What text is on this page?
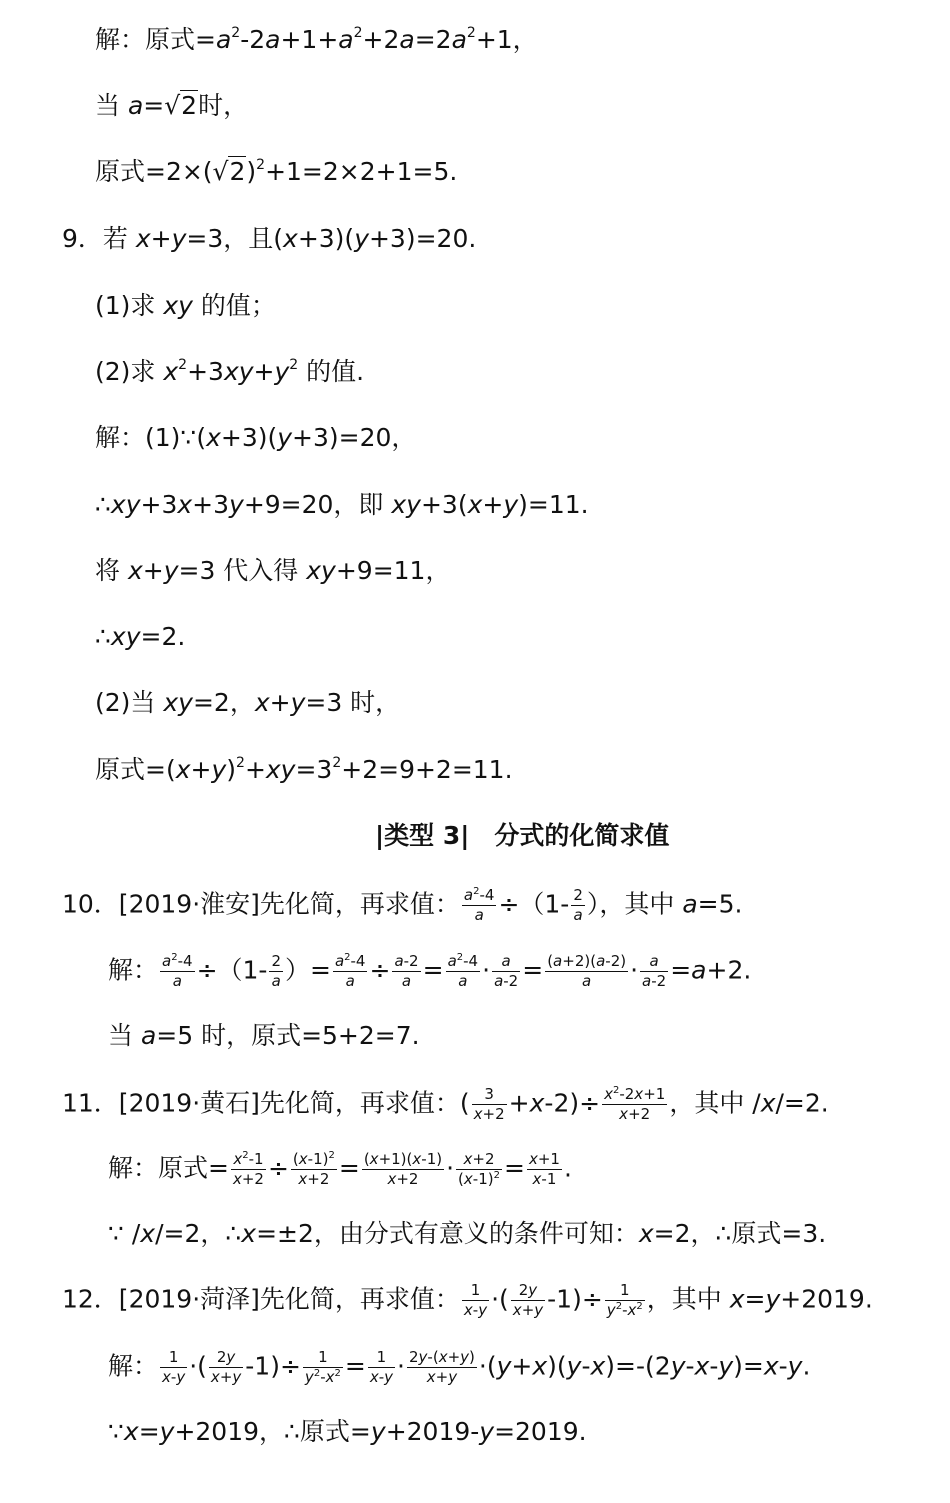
解：原式$=a^2-2a+1+a^2+2a=2a^2+1$，
当 a=√2时，
原式$=2\times(√2)^2+1=2\times 2+1=5$.
9．若 x+y=3，且(x+3)(y+3)=20.
(1)求 xy 的值；
(2)求 $x^2+3xy+y^2$ 的值.
解：(1)∵(x+3)(y+3)=20，
∴xy+3x+3y+9=20，即 xy+3(x+y)=11.
将 x+y=3 代入得 xy+9=11，
∴xy=2.
(2)当 xy=2，x+y=3 时，
原式$=(x+y)^2+xy=3^2+2=9+2=11$.
|类型 3|　分式的化简求值
10．[2019·淮安]先化简，再求值： $\frac{a^2-4}{a} \div(1- \frac{2}{a}$ ），其中 a=5.
解： $\frac{a^2-4}{a} \div(1- \frac{2}{a}$ ）= $\frac{a^2-4}{a} \div \frac{a-2}{a} = \frac{a^2-4}{a} \cdot \frac{a}{a-2} = \frac{(a+2)(a-2)}{a} \cdot \frac{a}{a-2} =a+2$.
当 a=5 时，原式=5+2=7.
11．[2019·黄石]先化简，再求值：( $\frac{3}{x+2} +x-2)\div \frac{x^2-2x+1}{x+2}$ ，其中 /x/=2.
解：原式= $\frac{x^2-1}{x+2} \div \frac{(x-1)^2}{x+2} = \frac{(x+1)(x-1)}{x+2} \cdot \frac{x+2}{(x-1)^2} = \frac{x+1}{x-1}$ .
∵ /x/=2，∴x=±2，由分式有意义的条件可知：x=2，∴原式=3.
12．[2019·菏泽]先化简，再求值： $\frac{1}{x-y}$ ·( $\frac{2y}{x+y} -1)\div \frac{1}{y^2-x^2}$ ，其中 x=y+2019.
解： $\frac{1}{x-y}$ ·( $\frac{2y}{x+y} -1)\div \frac{1}{y^2-x^2} = \frac{1}{x-y} \cdot \frac{2y-(x+y)}{x+y} \cdot(y+x)(y-x)=-(2y-x-y)=x-y$.
∵x=y+2019，∴原式=y+2019-y=2019.
